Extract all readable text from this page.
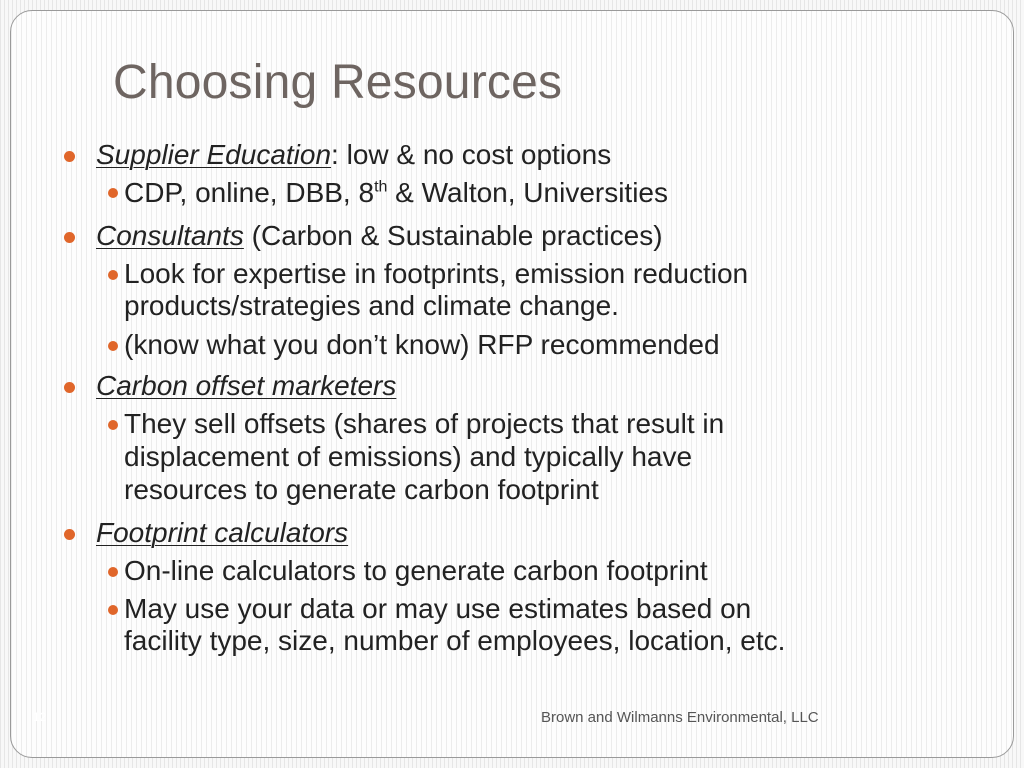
Choosing Resources
Supplier Education: low & no cost options
CDP, online, DBB, 8th & Walton, Universities
Consultants (Carbon & Sustainable practices)
Look for expertise in footprints, emission reduction
products/strategies and climate change.
(know what you don’t know) RFP recommended
Carbon offset marketers
They sell offsets (shares of projects that result in
displacement of emissions) and typically have
resources to generate carbon footprint
Footprint calculators
On-line calculators to generate carbon footprint
May use your data or may use estimates based on
facility type, size, number of employees, location, etc.
12	Brown and Wilmanns Environmental, LLC
